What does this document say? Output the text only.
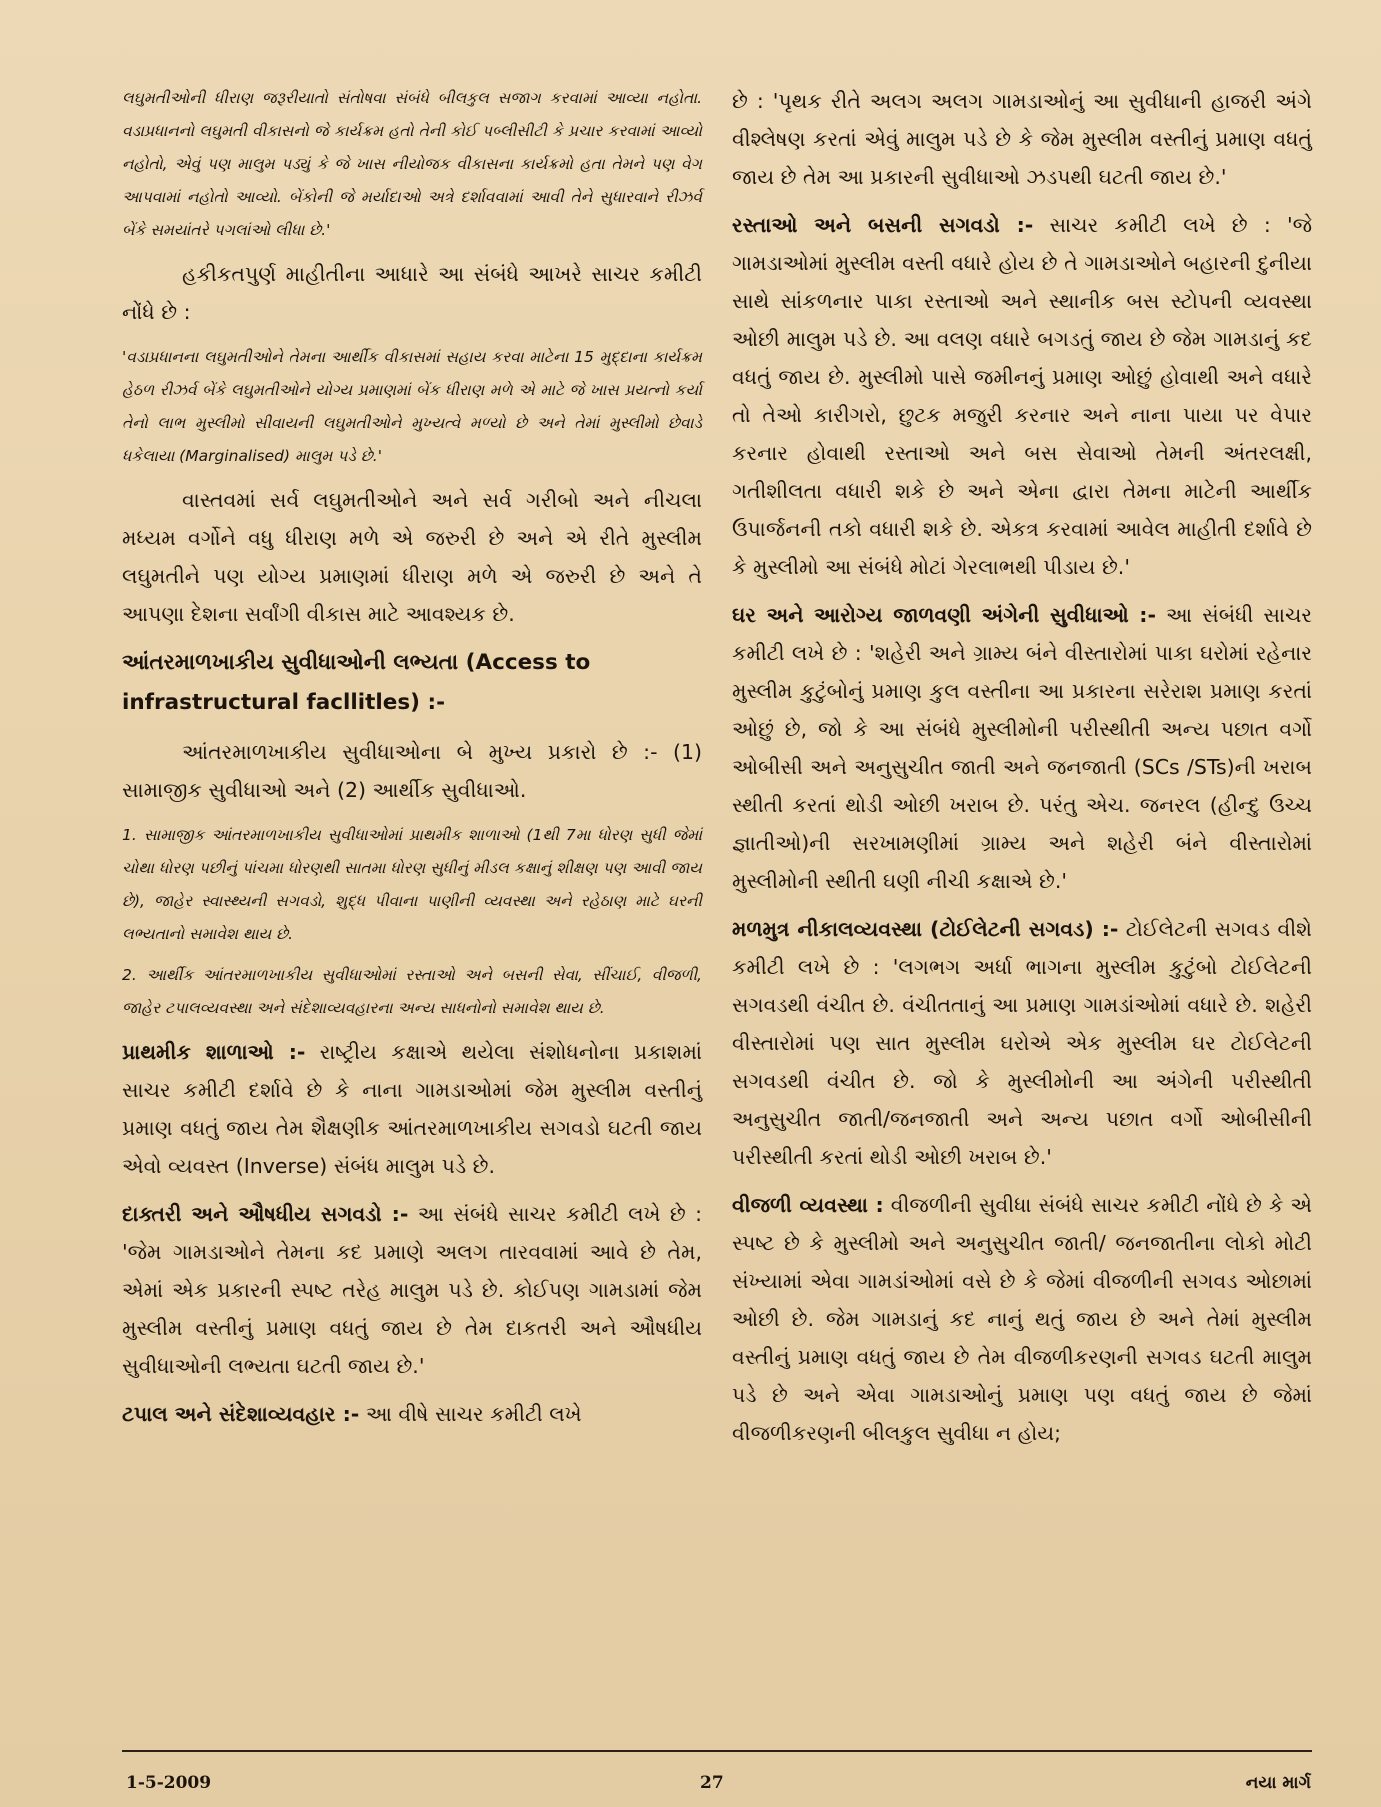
લઘુમતીઓની ધીરાણ જરૂરીયાતો સંતોષવા સંબંધે બીલકુલ સજાગ કરવામાં આવ્યા નહોતા. વડાપ્રધાનનો લઘુમતી વીકાસનો જે કાર્યક્રમ હતો તેની કોઈ પબ્લીસીટી કે પ્રચાર કરવામાં આવ્યો નહોતો, એવું પણ માલુમ પડ્યું કે જે ખાસ નીયોજક વીકાસના કાર્યક્રમો હતા તેમને પણ વેગ આપવામાં નહોતો આવ્યો. બેંકોની જે મર્યાદાઓ અત્રે દર્શાવવામાં આવી તેને સુધારવાને રીઝર્વ બેંકે સમયાંતરે પગલાંઓ લીધા છે.'

હકીકતપુર્ણ માહીતીના આધારે આ સંબંધે આખરે સાચર કમીટી નોંધે છે :

'વડાપ્રધાનના લઘુમતીઓને તેમના આર્થીક વીકાસમાં સહાય કરવા માટેના 15 મુદ્દાના કાર્યક્રમ હેઠળ રીઝર્વ બેંકે લઘુમતીઓને યોગ્ય પ્રમાણમાં બેંક ધીરાણ મળે એ માટે જે ખાસ પ્રયત્નો કર્યા તેનો લાભ મુસ્લીમો સીવાયની લઘુમતીઓને મુખ્યત્વે મળ્યો છે અને તેમાં મુસ્લીમો છેવાડે ધકેલાયા (Marginalised) માલુમ પડે છે.'

વાસ્તવમાં સર્વ લઘુમતીઓને અને સર્વ ગરીબો અને નીચલા મધ્યમ વર્ગોને વધુ ધીરાણ મળે એ જરુરી છે અને એ રીતે મુસ્લીમ લઘુમતીને પણ યોગ્ય પ્રમાણમાં ધીરાણ મળે એ જરુરી છે અને તે આપણા દેશના સર્વાંગી વીકાસ માટે આવશ્યક છે.

આંતરમાળખાકીય સુવીધાઓની લભ્યતા (Access to infrastructural facllitles) :-

આંતરમાળખાકીય સુવીધાઓના બે મુખ્ય પ્રકારો છે :- (1) સામાજીક સુવીધાઓ અને (2) આર્થીક સુવીધાઓ.

1. સામાજીક આંતરમાળખાકીય સુવીધાઓમાં પ્રાથમીક શાળાઓ (1થી 7મા ધોરણ સુધી જેમાં ચોથા ધોરણ પછીનું પાંચમા ધોરણથી સાતમા ધોરણ સુધીનું મીડલ કક્ષાનું શીક્ષણ પણ આવી જાય છે), જાહેર સ્વાસ્થ્યની સગવડો, શુદ્ધ પીવાના પાણીની વ્યવસ્થા અને રહેઠાણ માટે ઘરની લભ્યતાનો સમાવેશ થાય છે.

2. આર્થીક આંતરમાળખાકીય સુવીધાઓમાં રસ્તાઓ અને બસની સેવા, સીંચાઈ, વીજળી, જાહેર ટપાલવ્યવસ્થા અને સંદેશાવ્યવહારના અન્ય સાધનોનો સમાવેશ થાય છે.

પ્રાથમીક શાળાઓ :- રાષ્ટ્રીય કક્ષાએ થયેલા સંશોધનોના પ્રકાશમાં સાચર કમીટી દર્શાવે છે કે નાના ગામડાઓમાં જેમ મુસ્લીમ વસ્તીનું પ્રમાણ વધતું જાય તેમ શૈક્ષણીક આંતરમાળખાકીય સગવડો ઘટતી જાય એવો વ્યવસ્ત (Inverse) સંબંધ માલુમ પડે છે.

દાક્તરી અને ઔષધીય સગવડો :- આ સંબંધે સાચર કમીટી લખે છે : 'જેમ ગામડાઓને તેમના કદ પ્રમાણે અલગ તારવવામાં આવે છે તેમ, એમાં એક પ્રકારની સ્પષ્ટ તરેહ માલુમ પડે છે. કોઈપણ ગામડામાં જેમ મુસ્લીમ વસ્તીનું પ્રમાણ વધતું જાય છે તેમ દાકતરી અને ઔષધીય સુવીધાઓની લભ્યતા ઘટતી જાય છે.'

ટપાલ અને સંદેશાવ્યવહાર :- આ વીષે સાચર કમીટી લખે

છે : 'પૃથક રીતે અલગ અલગ ગામડાઓનું આ સુવીધાની હાજરી અંગે વીશ્લેષણ કરતાં એવું માલુમ પડે છે કે જેમ મુસ્લીમ વસ્તીનું પ્રમાણ વધતું જાય છે તેમ આ પ્રકારની સુવીધાઓ ઝડપથી ઘટતી જાય છે.'

રસ્તાઓ અને બસની સગવડો :- સાચર કમીટી લખે છે : 'જે ગામડાઓમાં મુસ્લીમ વસ્તી વધારે હોય છે તે ગામડાઓને બહારની દુનીયા સાથે સાંકળનાર પાકા રસ્તાઓ અને સ્થાનીક બસ સ્ટોપની વ્યવસ્થા ઓછી માલુમ પડે છે. આ વલણ વધારે બગડતું જાય છે જેમ ગામડાનું કદ વધતું જાય છે. મુસ્લીમો પાસે જમીનનું પ્રમાણ ઓછું હોવાથી અને વધારે તો તેઓ કારીગરો, છુટક મજુરી કરનાર અને નાના પાયા પર વેપાર કરનાર હોવાથી રસ્તાઓ અને બસ સેવાઓ તેમની અંતરલક્ષી, ગતીશીલતા વધારી શકે છે અને એના દ્વારા તેમના માટેની આર્થીક ઉપાર્જનની તકો વધારી શકે છે. એકત્ર કરવામાં આવેલ માહીતી દર્શાવે છે કે મુસ્લીમો આ સંબંધે મોટાં ગેરલાભથી પીડાય છે.'

ઘર અને આરોગ્ય જાળવણી અંગેની સુવીધાઓ :- આ સંબંધી સાચર કમીટી લખે છે : 'શહેરી અને ગ્રામ્ય બંને વીસ્તારોમાં પાકા ઘરોમાં રહેનાર મુસ્લીમ કુટુંબોનું પ્રમાણ કુલ વસ્તીના આ પ્રકારના સરેરાશ પ્રમાણ કરતાં ઓછું છે, જો કે આ સંબંધે મુસ્લીમોની પરીસ્થીતી અન્ય પછાત વર્ગો ઓબીસી અને અનુસુચીત જાતી અને જનજાતી (SCs /STs)ની ખરાબ સ્થીતી કરતાં થોડી ઓછી ખરાબ છે. પરંતુ એચ. જનરલ (હીન્દુ ઉચ્ચ જ્ઞાતીઓ)ની સરખામણીમાં ગ્રામ્ય અને શહેરી બંને વીસ્તારોમાં મુસ્લીમોની સ્થીતી ઘણી નીચી કક્ષાએ છે.'

મળમુત્ર નીકાલવ્યવસ્થા (ટોઈલેટની સગવડ) :- ટોઈલેટની સગવડ વીશે કમીટી લખે છે : 'લગભગ અર્ધા ભાગના મુસ્લીમ કુટુંબો ટોઈલેટની સગવડથી વંચીત છે. વંચીતતાનું આ પ્રમાણ ગામડાંઓમાં વધારે છે. શહેરી વીસ્તારોમાં પણ સાત મુસ્લીમ ઘરોએ એક મુસ્લીમ ઘર ટોઈલેટની સગવડથી વંચીત છે. જો કે મુસ્લીમોની આ અંગેની પરીસ્થીતી અનુસુચીત જાતી/જનજાતી અને અન્ય પછાત વર્ગો ઓબીસીની પરીસ્થીતી કરતાં થોડી ઓછી ખરાબ છે.'

વીજળી વ્યવસ્થા : વીજળીની સુવીધા સંબંધે સાચર કમીટી નોંધે છે કે એ સ્પષ્ટ છે કે મુસ્લીમો અને અનુસુચીત જાતી/ જનજાતીના લોકો મોટી સંખ્યામાં એવા ગામડાંઓમાં વસે છે કે જેમાં વીજળીની સગવડ ઓછામાં ઓછી છે. જેમ ગામડાનું કદ નાનું થતું જાય છે અને તેમાં મુસ્લીમ વસ્તીનું પ્રમાણ વધતું જાય છે તેમ વીજળીકરણની સગવડ ઘટતી માલુમ પડે છે અને એવા ગામડાઓનું પ્રમાણ પણ વધતું જાય છે જેમાં વીજળીકરણની બીલકુલ સુવીધા ન હોય;

1-5-2009	27	નયા માર્ગ
